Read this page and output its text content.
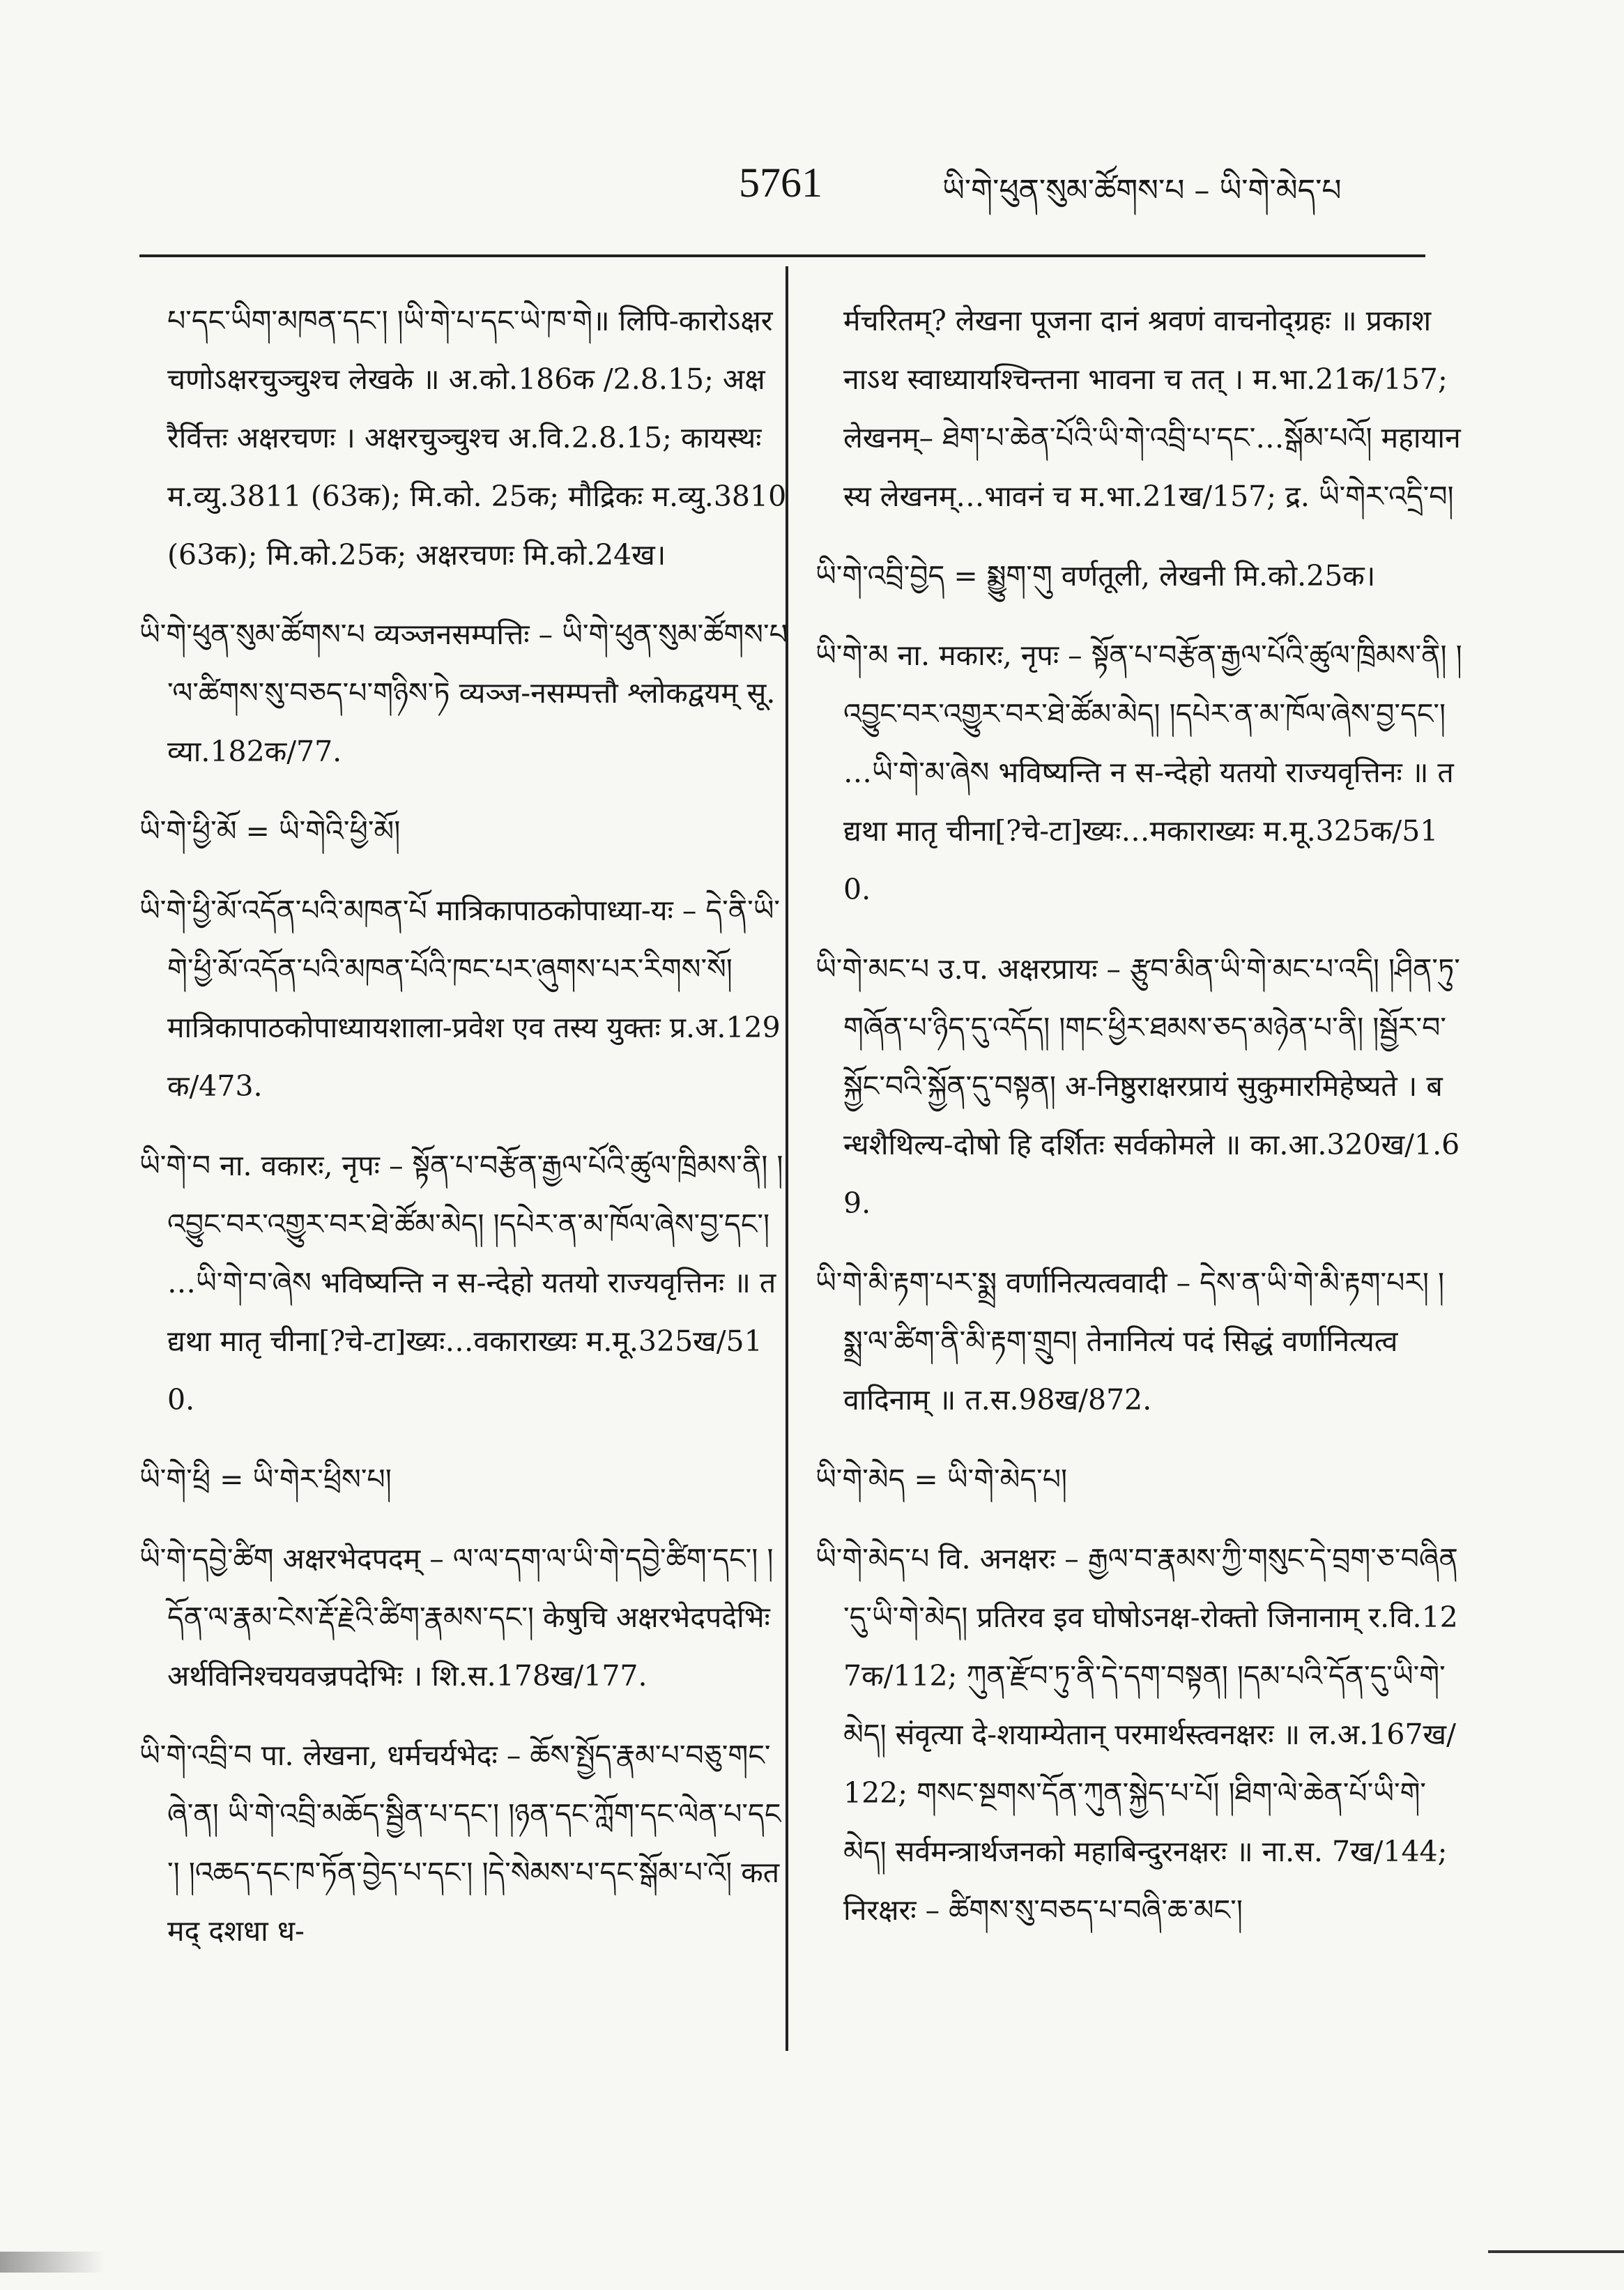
5761	ཡི་གེ་ཕུན་སུམ་ཚོགས་པ – ཡི་གེ་མེད་པ

པ་དང་ཡིག་མཁན་དང་། །ཡི་གེ་པ་དང་ཡེ་ཁ་གེ॥ लिपि-कारोऽक्षरचणोऽक्षरचुञ्चुश्च लेखके ॥ अ.को.186क /2.8.15; अक्षरैर्वित्तः अक्षरचणः । अक्षरचुञ्चुश्च अ.वि.2.8.15; कायस्थः म.व्यु.3811 (63क); मि.को. 25क; मौद्रिकः म.व्यु.3810 (63क); मि.को.25क; अक्षरचणः मि.को.24ख।

ཡི་གེ་ཕུན་སུམ་ཚོགས་པ व्यञ्जनसम्पत्तिः – ཡི་གེ་ཕུན་སུམ་ཚོགས་པ་ལ་ཚིགས་སུ་བཅད་པ་གཉིས་ཏེ व्यञ्ज-नसम्पत्तौ श्लोकद्वयम् सू.व्या.182क/77.

ཡི་གེ་ཕྱི་མོ = ཡི་གེའི་ཕྱི་མོ།

ཡི་གེ་ཕྱི་མོ་འདོན་པའི་མཁན་པོ मात्रिकापाठकोपाध्या-यः – དེ་ནི་ཡི་གེ་ཕྱི་མོ་འདོན་པའི་མཁན་པོའི་ཁང་པར་ཞུགས་པར་རིགས་སོ། मात्रिकापाठकोपाध्यायशाला-प्रवेश एव तस्य युक्तः प्र.अ.129क/473.

ཡི་གེ་བ ना. वकारः, नृपः – སྟོན་པ་བརྩོན་རྒྱལ་པོའི་ཚུལ་ཁྲིམས་ནི། །འབྱུང་བར་འགྱུར་བར་ཐེ་ཚོམ་མེད། །དཔེར་ན་མ་ཁོལ་ཞེས་བྱ་དང་། …ཡི་གེ་བ་ཞེས भविष्यन्ति न स-न्देहो यतयो राज्यवृत्तिनः ॥ तद्यथा मातृ चीना[?चे-टा]ख्यः…वकाराख्यः म.मू.325ख/510.

ཡི་གེ་ཕྲི = ཡི་གེར་ཕྲིས་པ།

ཡི་གེ་དབྱེ་ཚིག अक्षरभेदपदम् – ལ་ལ་དག་ལ་ཡི་གེ་དབྱེ་ཚིག་དང་། །དོན་ལ་རྣམ་ངེས་རྡོ་རྗེའི་ཚིག་རྣམས་དང་། केषुचि अक्षरभेदपदेभिः अर्थविनिश्चयवज्रपदेभिः । शि.स.178ख/177.

ཡི་གེ་འབྲི་བ पा. लेखना, धर्मचर्यभेदः – ཆོས་སྤྱོད་རྣམ་པ་བཅུ་གང་ཞེ་ན། ཡི་གེ་འབྲི་མཆོད་སྦྱིན་པ་དང་། །ཉན་དང་ཀློག་དང་ལེན་པ་དང་། །འཆད་དང་ཁ་ཏོན་བྱེད་པ་དང་། །དེ་སེམས་པ་དང་སྒོམ་པ་འོ། कतमद् दशधा ध-

र्मचरितम्? लेखना पूजना दानं श्रवणं वाचनोद्ग्रहः ॥ प्रकाशनाऽथ स्वाध्यायश्चिन्तना भावना च तत् । म.भा.21क/157; लेखनम्– ཐེག་པ་ཆེན་པོའི་ཡི་གེ་འབྲི་པ་དང་…སྒོམ་པའོ། महायानस्य लेखनम्…भावनं च म.भा.21ख/157; द्र. ཡི་གེར་འདྲི་བ།

ཡི་གེ་འབྲི་བྱེད = སྨྱུག་གུ वर्णतूली, लेखनी मि.को.25क।

ཡི་གེ་མ ना. मकारः, नृपः – སྟོན་པ་བརྩོན་རྒྱལ་པོའི་ཚུལ་ཁྲིམས་ནི། །འབྱུང་བར་འགྱུར་བར་ཐེ་ཚོམ་མེད། །དཔེར་ན་མ་ཁོལ་ཞེས་བྱ་དང་། …ཡི་གེ་མ་ཞེས भविष्यन्ति न स-न्देहो यतयो राज्यवृत्तिनः ॥ तद्यथा मातृ चीना[?चे-टा]ख्यः…मकाराख्यः म.मू.325क/510.

ཡི་གེ་མང་པ उ.प. अक्षरप्रायः – རྩུབ་མིན་ཡི་གེ་མང་པ་འདི། །ཤིན་ཏུ་གཞོན་པ་ཉིད་དུ་འདོད། །གང་ཕྱིར་ཐམས་ཅད་མཉེན་པ་ནི། །སྦྱོར་བ་སྐྱོང་བའི་སྐྱོན་དུ་བསྟན། अ-निष्ठुराक्षरप्रायं सुकुमारमिहेष्यते । बन्धशैथिल्य-दोषो हि दर्शितः सर्वकोमले ॥ का.आ.320ख/1.69.

ཡི་གེ་མི་རྟག་པར་སྨྲ वर्णानित्यत्ववादी – དེས་ན་ཡི་གེ་མི་རྟག་པར། །སྨྲ་ལ་ཚིག་ནི་མི་རྟག་གྲུབ། तेनानित्यं पदं सिद्धं वर्णानित्यत्ववादिनाम् ॥ त.स.98ख/872.

ཡི་གེ་མེད = ཡི་གེ་མེད་པ།

ཡི་གེ་མེད་པ वि. अनक्षरः – རྒྱལ་བ་རྣམས་ཀྱི་གསུང་དེ་བྲག་ཅ་བཞིན་དུ་ཡི་གེ་མེད། प्रतिरव इव घोषोऽनक्ष-रोक्तो जिनानाम् र.वि.127क/112; ཀུན་རྫོབ་ཏུ་ནི་དེ་དག་བསྟན། །དམ་པའི་དོན་དུ་ཡི་གེ་མེད། संवृत्या दे-शयाम्येतान् परमार्थस्त्वनक्षरः ॥ ल.अ.167ख/122; གསང་སྔགས་དོན་ཀུན་སྐྱེད་པ་པོ། །ཐིག་ལེ་ཆེན་པོ་ཡི་གེ་མེད། सर्वमन्त्रार्थजनको महाबिन्दुरनक्षरः ॥ ना.स. 7ख/144; निरक्षरः – ཚིགས་སུ་བཅད་པ་བཞི་ཆ་མང་།
